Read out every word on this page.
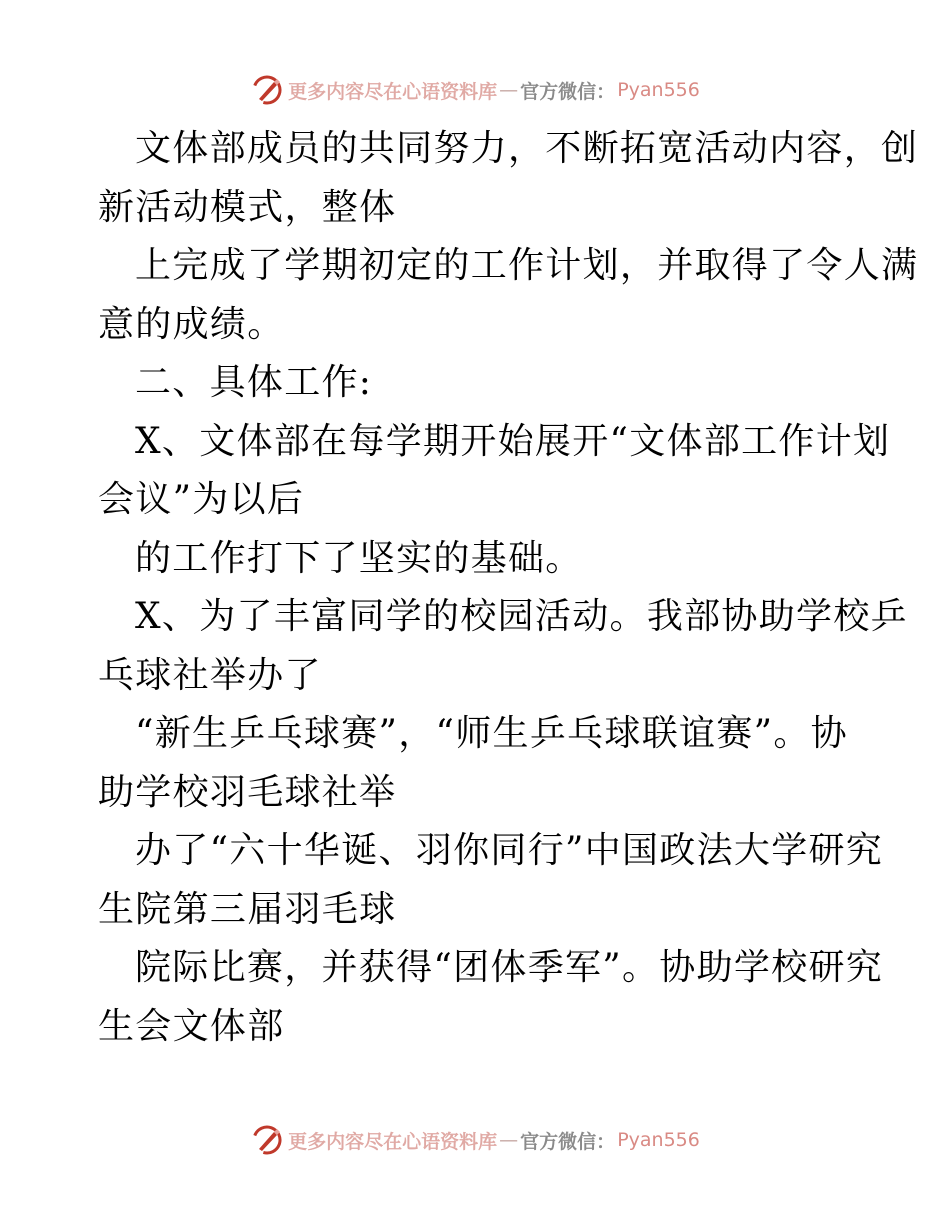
更多内容尽在心语资料库 — 官方微信： Pyan556
文体部成员的共同努力，不断拓宽活动内容，创
新活动模式，整体
上完成了学期初定的工作计划，并取得了令人满
意的成绩。
二、具体工作:
X、文体部在每学期开始展开“文体部工作计划
会议”为以后
的工作打下了坚实的基础。
X、为了丰富同学的校园活动。我部协助学校乒
乓球社举办了
“新生乒乓球赛”，“师生乒乓球联谊赛”。协
助学校羽毛球社举
办了“六十华诞、羽你同行”中国政法大学研究
生院第三届羽毛球
院际比赛，并获得“团体季军”。协助学校研究
生会文体部
更多内容尽在心语资料库 — 官方微信： Pyan556
